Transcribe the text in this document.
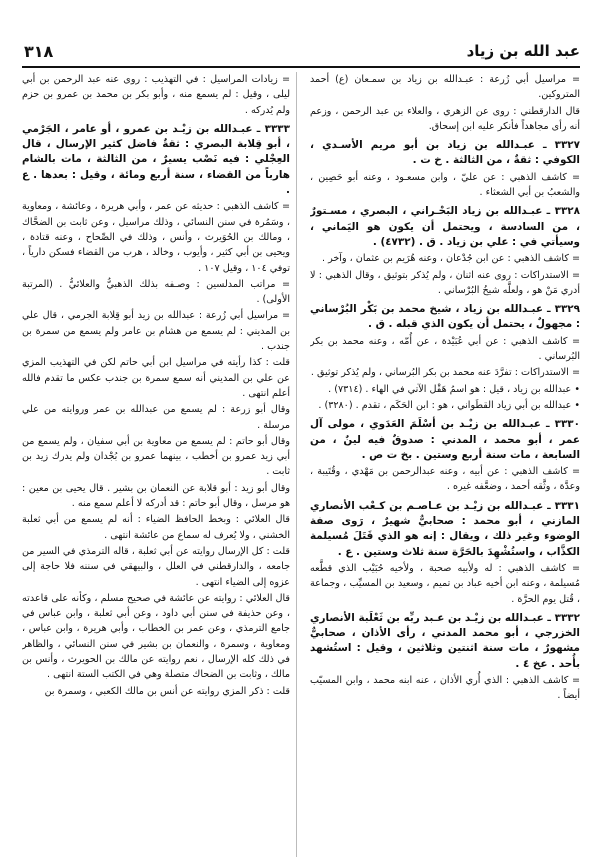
عبد الله بن زياد
٣١٨

= مراسيل أبي زُرعة : عبـدالله بن زياد بن سمـعان (ع) أحمد المتروكين.

قال الدارقطني : روى عن الزهري ، والعلاء بن عبد الرحمن ، وزعم أنه رأى مجاهداً فأنكر عليه ابن إسحاق.

٣٣٢٧ ـ عبـدالله بن زياد بن أبو مريم الأسـدي ، الكوفي : ثقةٌ ، من الثالثة . خ ت .

= كاشف الذهبي : عن عليّ ، وابن مسعـود ، وعنه أبو حَصِين ، والشعبُ بن أبي الشعثاء .

٣٣٢٨ ـ عبـدالله بن زياد البَحْـراني ، البصري ، مسـتورٌ ، من السادسة ، ويحتمل أن يكون هو اليَماني ، وسيأتي في : علي بن زياد . ق . (٤٧٣٢) .

= كاشف الذهبي : عن ابن جُدْعان ، وعنه هُرَيم بن عثمان ، وآخر .

= الاستدراكات : روى عنه اثنان ، ولم يُذكر بتوثيق ، وقال الذهبي : لا أدري مَنْ هو ، ولعلَّه شيخُ البُرْساني .

٣٣٢٩ ـ عبـدالله بن زياد ، شيخ محمد بن بَكْر البُرْساني : مجهولٌ ، يحتمل أن يكون الذي قبله . ق .

= كاشف الذهبي : عن أبي عُبَيْدة ، عن أُمّه ، وعنه محمد بن بكر البُرساني .

= الاستدراكات : تفرَّدَ عنه محمد بن بكر البُرساني ، ولم يُذكر توثيق .

• عبدالله بن زياد ، قيل : هو اسمُ هَقْل الآتي في الهاء . (٧٣١٤) .

• عبدالله بن أبي زياد القطَواني ، هو : ابن الحَكَم ، تقدم . (٣٢٨٠) .

٣٣٣٠ ـ عبـدالله بن زيْـد بن أسْلَمَ العَدَوي ، مولى آل عمر ، أبو محمد ، المدني : صدوقٌ فيه لينٌ ، من السابعة ، مات سنة أربع وستين . بخ ت ص .

= كاشف الذهبي : عن أبيه ، وعنه عبدالرحمن بن مَهْدي ، وقُتَيبة ، وعدَّة ، وثَّقه أحمد ، وضعَّفه غيره .

٣٣٣١ ـ عبـدالله بن زيْـد بن عـاصـم بن كـعْب الأنصاري المازني ، أبو محمد : صحابيٌّ شهيرٌ ، رَوى صفة الوضوء وغير ذلك ، ويقال : إنه هو الذي قَتَلَ مُسيلمة الكذَّاب ، واستُشْهِدَ بالحَرَّة سنة ثلاث وستين . ع .

= كاشف الذهبي : له ولأبيه صحبة ، ولأخيه حُبَيْب الذي قطَّعه مُسيلمة ، وعنه ابن أخيه عباد بن تميم ، وسعيد بن المسيِّب ، وجماعة ، قُتل يوم الحرَّة .

٣٣٣٢ ـ عبـدالله بن زيْـد بن عـبد ربِّه بن ثَعْلَبة الأنصاري الخزرجي ، أبو محمد المدني ، رأى الأذان ، صحابيٌّ مشهورٌ ، مات سنة اثنتين وثلاثين ، وقيل : استُشهد بأُحد . عخ ٤ .

= كاشف الذهبي : الذي أُري الأذان ، عنه ابنه محمد ، وابن المسيّب أيضاً .

= زيادات المراسيل : في التهذيب : روى عنه عبد الرحمن بن أبي ليلى ، وقيل : لم يسمع منه ، وأبو بكر بن محمد بن عمرو بن حزم ولم يُدركه .

٣٣٣٣ ـ عبـدالله بن زيْـد بن عمرو ، أو عامر ، الجَرْمي ، أبو قِلابة البصري : ثقةٌ فاضل كثير الإرسال ، قال العِجْلي : فيه نَصْب يسيرٌ ، من الثالثة ، مات بالشام هارباً من القضاء ، سنة أربع ومائة ، وقيل : بعدها . ع .

= كاشف الذهبي : حديثه عن عمر ، وأبي هريرة ، وعائشة ، ومعاوية ، وسَمُرة في سنن النسائي ، وذلك مراسيل ، وعن ثابت بن الضحَّاك ، ومالك بن الحُوَيرث ، وأنس ، وذلك في الصِّحاح ، وعنه قتادة ، ويحيى بن أبي كثير ، وأيوب ، وخالد ، هرب من القضاء فسكن دارياً ، توفي ١٠٤ ، وقيل ١٠٧ .

= مراتب المدلسين : وصـفه بذلك الذهبيُّ والعلائيُّ . (المرتبة الأولى) .

= مراسيل أبي زُرعة : عبدالله بن زيد أبو قِلابة الجرمي ، قال علي بن المديني : لم يسمع من هشام بن عامر ولم يسمع من سمرة بن جندب .

قلت : كذا رأيته في مراسيل ابن أبي حاتم لكن في التهذيب المزي عن علي بن المديني أنه سمع سمرة بن جندب عكس ما تقدم فالله أعلم انتهى .

وقال أبو زرعة : لم يسمع من عبدالله بن عمر وروايته من علي مرسلة .

وقال أبو حاتم : لم يسمع من معاوية بن أبي سفيان ، ولم يسمع من أبي زيد عمرو بن أخطب ، بينهما عمرو بن بُجْدان ولم يدرك زيد بن ثابت .

وقال أبو زيد : أبو قلابة عن النعمان بن بشير . قال يحيى بن معين : هو مرسل ، وقال أبو حاتم : قد أدركه لا أعلم سمع منه .

قال العلائي : وبخط الحافظ الضياء : أنه لم يسمع من أبي ثعلبة الخشني ، ولا يُعرف له سماع من عائشة انتهى .

قلت : كل الإرسال روايته عن أبي ثعلبة ، قاله الترمذي في السير من جامعه ، والدارقطني في العلل ، والبيهقي في سننه فلا حاجة إلى عزوه إلى الضياء انتهى .

قال العلائي : روايته عن عائشة في صحيح مسلم ، وكأنه على قاعدته ، وعن حذيفة في سنن أبي داود ، وعن أبي ثعلبة ، وابن عباس في جامع الترمذي ، وعن عمر بن الخطاب ، وأبي هريرة ، وابن عباس ، ومعاوية ، وسمرة ، والنعمان بن بشير في سنن النسائي ، والظاهر في ذلك كله الإرسال ، نعم روايته عن مالك بن الحويرث ، وأنس بن مالك ، وثابت بن الضحاك متصلة وهي في الكتب الستة انتهى .

قلت : ذكر المزي روايته عن أنس بن مالك الكعبي ، وسمرة بن
